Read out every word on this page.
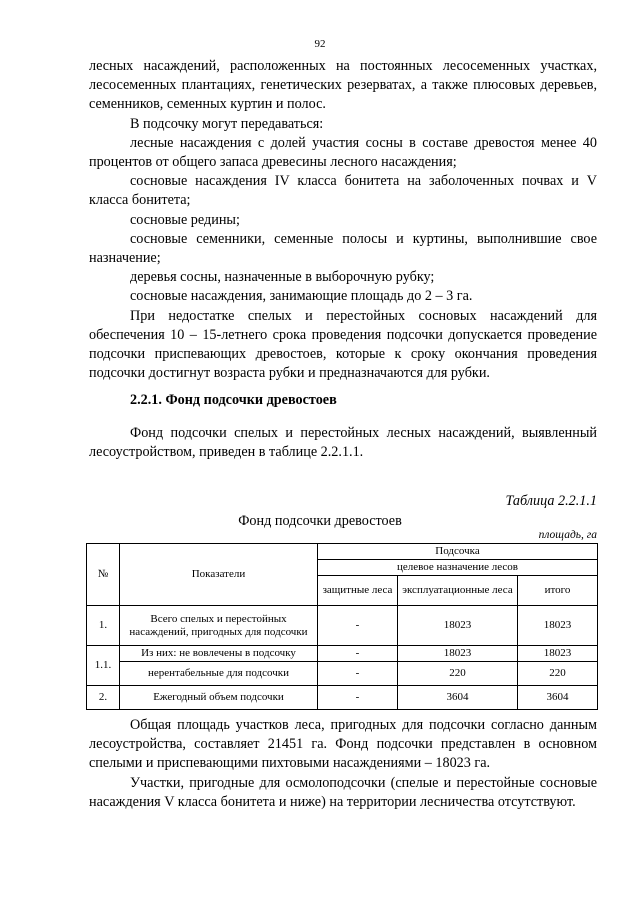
92

лесных насаждений, расположенных на постоянных лесосеменных участках, лесосеменных плантациях, генетических резерватах, а также плюсовых деревьев, семенников, семенных куртин и полос.

В подсочку могут передаваться:

лесные насаждения с долей участия сосны в составе древостоя менее 40 процентов от общего запаса древесины лесного насаждения;

сосновые насаждения IV класса бонитета на заболоченных почвах и V класса бонитета;

сосновые редины;

сосновые семенники, семенные полосы и куртины, выполнившие свое назначение;

деревья сосны, назначенные в выборочную рубку;

сосновые насаждения, занимающие площадь до 2 – 3 га.

При недостатке спелых и перестойных сосновых насаждений для обеспечения 10 – 15-летнего срока проведения подсочки допускается проведение подсочки приспевающих древостоев, которые к сроку окончания проведения подсочки достигнут возраста рубки и предназначаются для рубки.

2.2.1. Фонд подсочки древостоев

Фонд подсочки спелых и перестойных лесных насаждений, выявленный лесоустройством, приведен в таблице 2.2.1.1.

Таблица 2.2.1.1
Фонд подсочки древостоев
площадь, га
№	Показатели	Подсочка		
		целевое назначение лесов		
		защитные леса	эксплуатационные леса	итого
1.	Всего спелых и перестойных насаждений, пригодных для подсочки	-	18023	18023
1.1.	Из них: не вовлечены в подсочку	-	18023	18023
	нерентабельные для подсочки	-	220	220
2.	Ежегодный объем подсочки	-	3604	3604

Общая площадь участков леса, пригодных для подсочки согласно данным лесоустройства, составляет 21451 га. Фонд подсочки представлен в основном спелыми и приспевающими пихтовыми насаждениями – 18023 га.

Участки, пригодные для осмолоподсочки (спелые и перестойные сосновые насаждения V класса бонитета и ниже) на территории лесничества отсутствуют.
